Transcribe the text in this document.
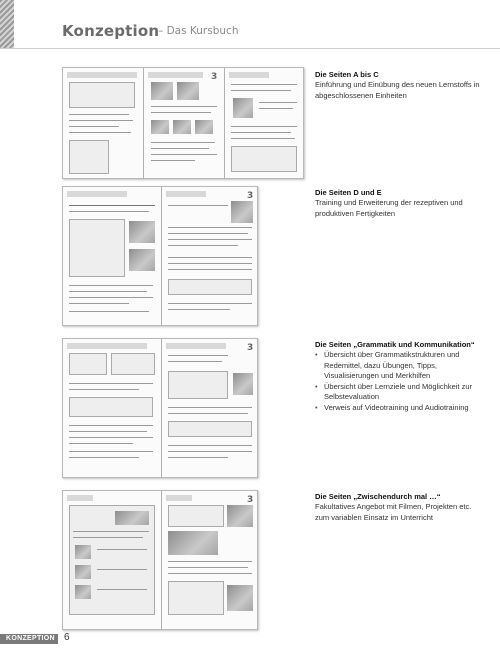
Konzeption
– Das Kursbuch
3	Die Seiten A bis C

Einführung und Einübung des neuen Lernstoffs in abgeschlossenen Einheiten

3	Die Seiten D und E

Training und Erweiterung der rezeptiven und produktiven Fertigkeiten

3	Die Seiten „Grammatik und Kommunikation“
• Übersicht über Grammatikstrukturen und Redemittel, dazu Übungen, Tipps, Visualisierungen und Merkhilfen
• Übersicht über Lernziele und Möglichkeit zur Selbstevaluation
• Verweis auf Videotraining und Audiotraining
3	Die Seiten „Zwischendurch mal …“

Fakultatives Angebot mit Filmen, Projekten etc. zum variablen Einsatz im Unterricht

KONZEPTION 6
